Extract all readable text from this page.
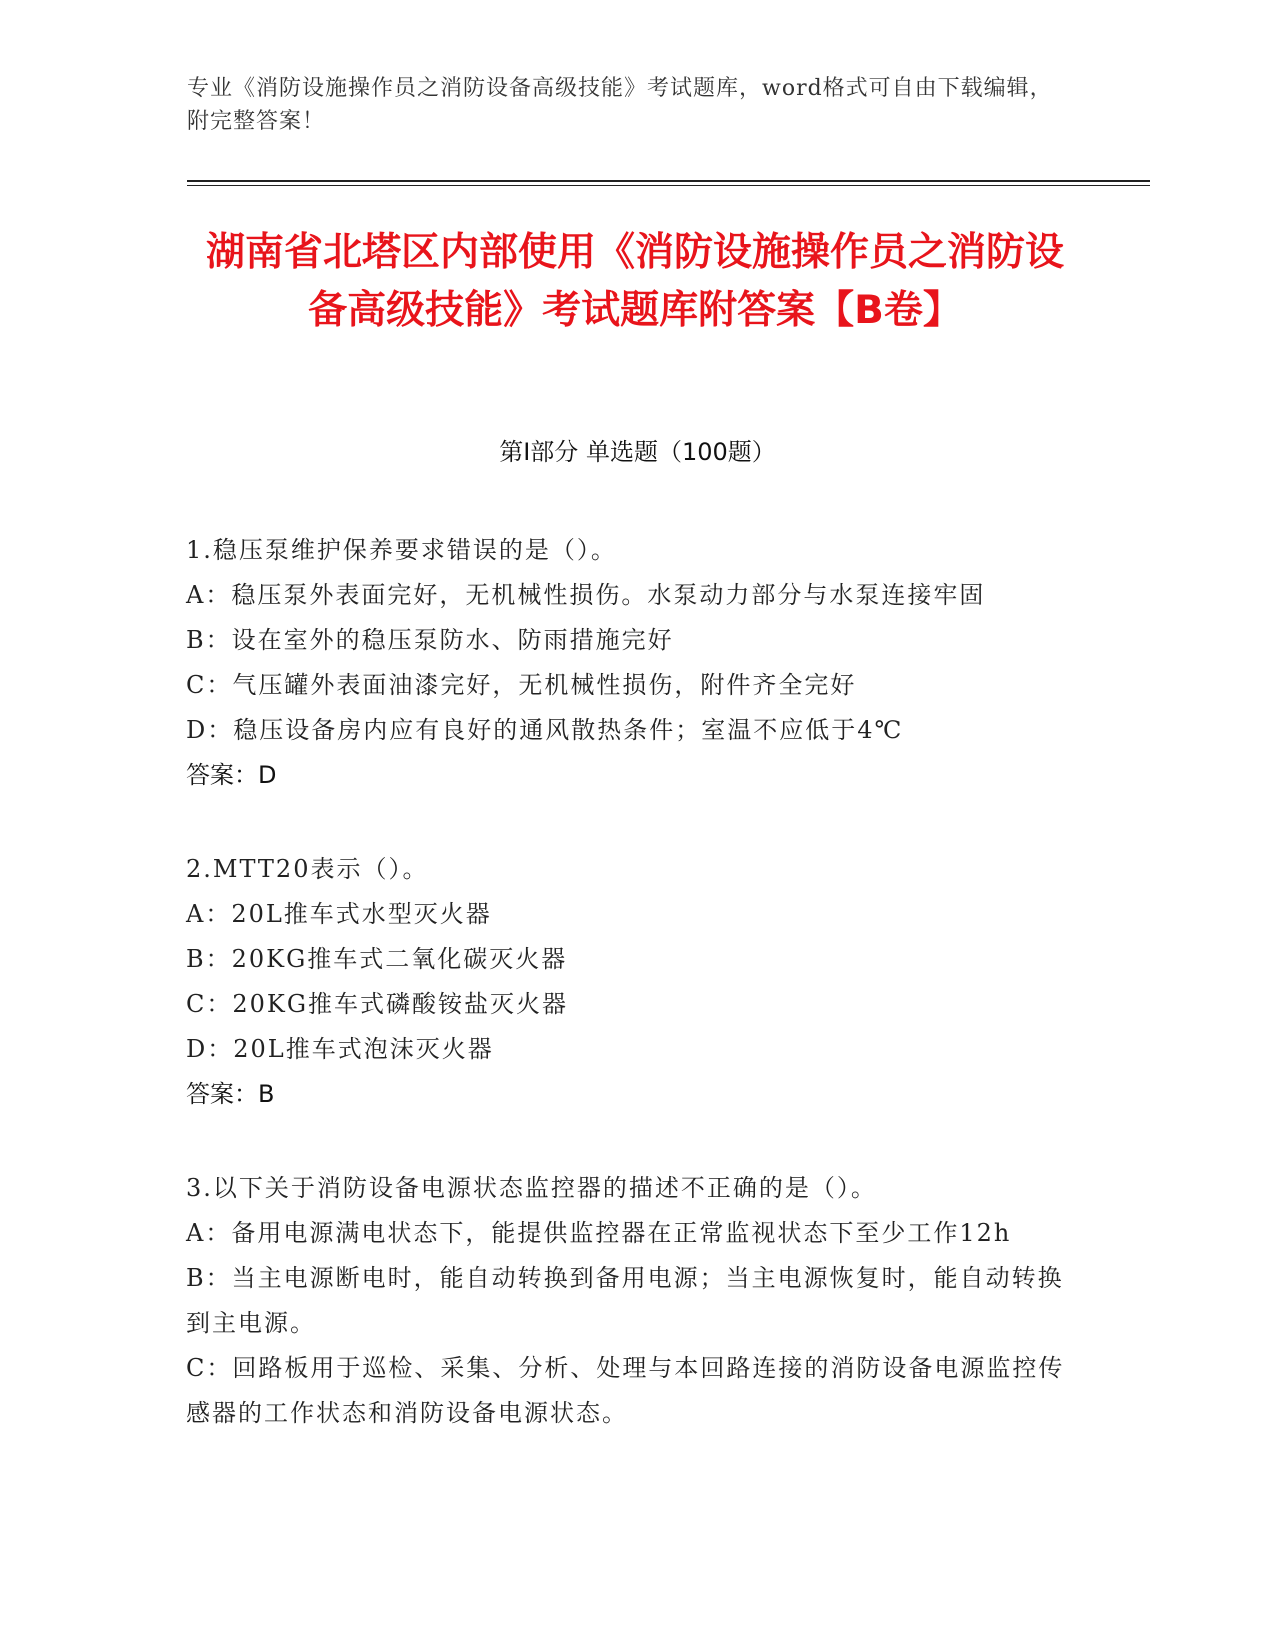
专业《消防设施操作员之消防设备高级技能》考试题库，word格式可自由下载编辑，附完整答案！
湖南省北塔区内部使用《消防设施操作员之消防设备高级技能》考试题库附答案【B卷】
第I部分 单选题（100题）
1.稳压泵维护保养要求错误的是（）。
A：稳压泵外表面完好，无机械性损伤。水泵动力部分与水泵连接牢固
B：设在室外的稳压泵防水、防雨措施完好
C：气压罐外表面油漆完好，无机械性损伤，附件齐全完好
D：稳压设备房内应有良好的通风散热条件；室温不应低于4℃
答案：D
2.MTT20表示（）。
A：20L推车式水型灭火器
B：20KG推车式二氧化碳灭火器
C：20KG推车式磷酸铵盐灭火器
D：20L推车式泡沫灭火器
答案：B
3.以下关于消防设备电源状态监控器的描述不正确的是（）。
A：备用电源满电状态下，能提供监控器在正常监视状态下至少工作12h
B：当主电源断电时，能自动转换到备用电源；当主电源恢复时，能自动转换到主电源。
C：回路板用于巡检、采集、分析、处理与本回路连接的消防设备电源监控传感器的工作状态和消防设备电源状态。
